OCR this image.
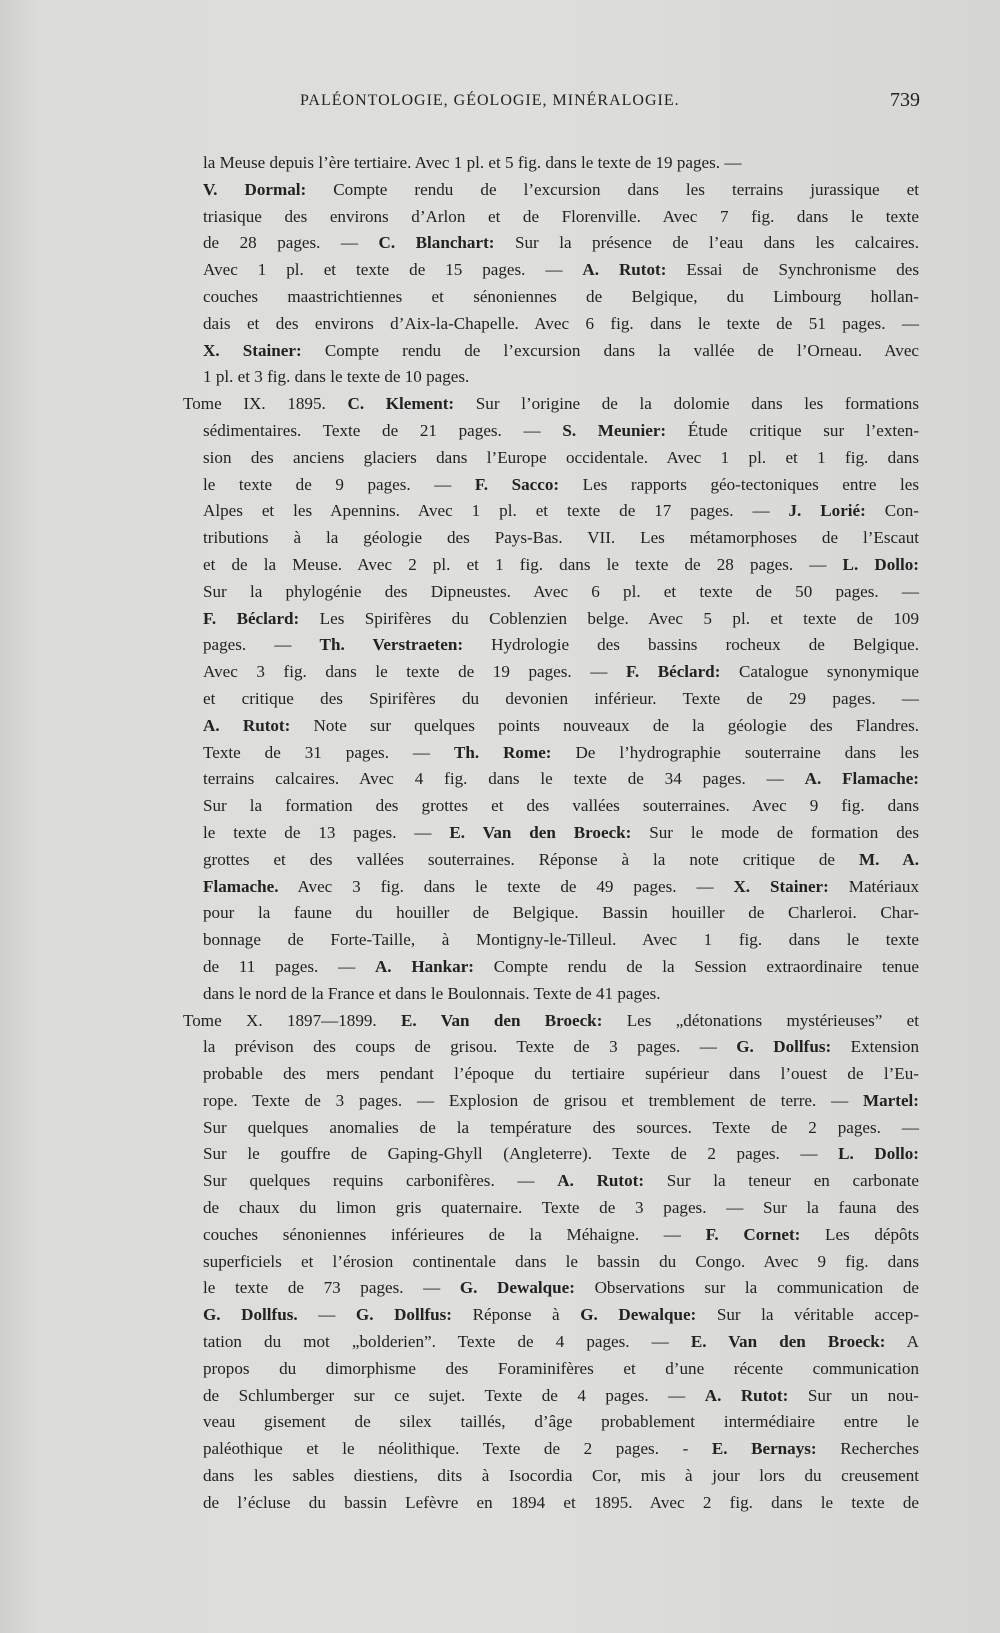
PALÉONTOLOGIE, GÉOLOGIE, MINÉRALOGIE.	739
la Meuse depuis l’ère tertiaire. Avec 1 pl. et 5 fig. dans le texte de 19 pages. —
V. Dormal: Compte rendu de l’excursion dans les terrains jurassique et
triasique des environs d’Arlon et de Florenville. Avec 7 fig. dans le texte
de 28 pages. — C. Blanchart: Sur la présence de l’eau dans les calcaires.
Avec 1 pl. et texte de 15 pages. — A. Rutot: Essai de Synchronisme des
couches maastrichtiennes et sénoniennes de Belgique, du Limbourg hollan-
dais et des environs d’Aix-la-Chapelle. Avec 6 fig. dans le texte de 51 pages. —
X. Stainer: Compte rendu de l’excursion dans la vallée de l’Orneau. Avec
1 pl. et 3 fig. dans le texte de 10 pages.
Tome IX. 1895. C. Klement: Sur l’origine de la dolomie dans les formations
sédimentaires. Texte de 21 pages. — S. Meunier: Étude critique sur l’exten-
sion des anciens glaciers dans l’Europe occidentale. Avec 1 pl. et 1 fig. dans
le texte de 9 pages. — F. Sacco: Les rapports géo-tectoniques entre les
Alpes et les Apennins. Avec 1 pl. et texte de 17 pages. — J. Lorié: Con-
tributions à la géologie des Pays-Bas. VII. Les métamorphoses de l’Escaut
et de la Meuse. Avec 2 pl. et 1 fig. dans le texte de 28 pages. — L. Dollo:
Sur la phylogénie des Dipneustes. Avec 6 pl. et texte de 50 pages. —
F. Béclard: Les Spirifères du Coblenzien belge. Avec 5 pl. et texte de 109
pages. — Th. Verstraeten: Hydrologie des bassins rocheux de Belgique.
Avec 3 fig. dans le texte de 19 pages. — F. Béclard: Catalogue synonymique
et critique des Spirifères du devonien inférieur. Texte de 29 pages. —
A. Rutot: Note sur quelques points nouveaux de la géologie des Flandres.
Texte de 31 pages. — Th. Rome: De l’hydrographie souterraine dans les
terrains calcaires. Avec 4 fig. dans le texte de 34 pages. — A. Flamache:
Sur la formation des grottes et des vallées souterraines. Avec 9 fig. dans
le texte de 13 pages. — E. Van den Broeck: Sur le mode de formation des
grottes et des vallées souterraines. Réponse à la note critique de M. A.
Flamache. Avec 3 fig. dans le texte de 49 pages. — X. Stainer: Matériaux
pour la faune du houiller de Belgique. Bassin houiller de Charleroi. Char-
bonnage de Forte-Taille, à Montigny-le-Tilleul. Avec 1 fig. dans le texte
de 11 pages. — A. Hankar: Compte rendu de la Session extraordinaire tenue
dans le nord de la France et dans le Boulonnais. Texte de 41 pages.
Tome X. 1897—1899. E. Van den Broeck: Les „détonations mystérieuses” et
la prévison des coups de grisou. Texte de 3 pages. — G. Dollfus: Extension
probable des mers pendant l’époque du tertiaire supérieur dans l’ouest de l’Eu-
rope. Texte de 3 pages. — Explosion de grisou et tremblement de terre. — Martel:
Sur quelques anomalies de la température des sources. Texte de 2 pages. —
Sur le gouffre de Gaping-Ghyll (Angleterre). Texte de 2 pages. — L. Dollo:
Sur quelques requins carbonifères. — A. Rutot: Sur la teneur en carbonate
de chaux du limon gris quaternaire. Texte de 3 pages. — Sur la fauna des
couches sénoniennes inférieures de la Méhaigne. — F. Cornet: Les dépôts
superficiels et l’érosion continentale dans le bassin du Congo. Avec 9 fig. dans
le texte de 73 pages. — G. Dewalque: Observations sur la communication de
G. Dollfus. — G. Dollfus: Réponse à G. Dewalque: Sur la véritable accep-
tation du mot „bolderien”. Texte de 4 pages. — E. Van den Broeck: A
propos du dimorphisme des Foraminifères et d’une récente communication
de Schlumberger sur ce sujet. Texte de 4 pages. — A. Rutot: Sur un nou-
veau gisement de silex taillés, d’âge probablement intermédiaire entre le
paléothique et le néolithique. Texte de 2 pages. - E. Bernays: Recherches
dans les sables diestiens, dits à Isocordia Cor, mis à jour lors du creusement
de l’écluse du bassin Lefèvre en 1894 et 1895. Avec 2 fig. dans le texte de
